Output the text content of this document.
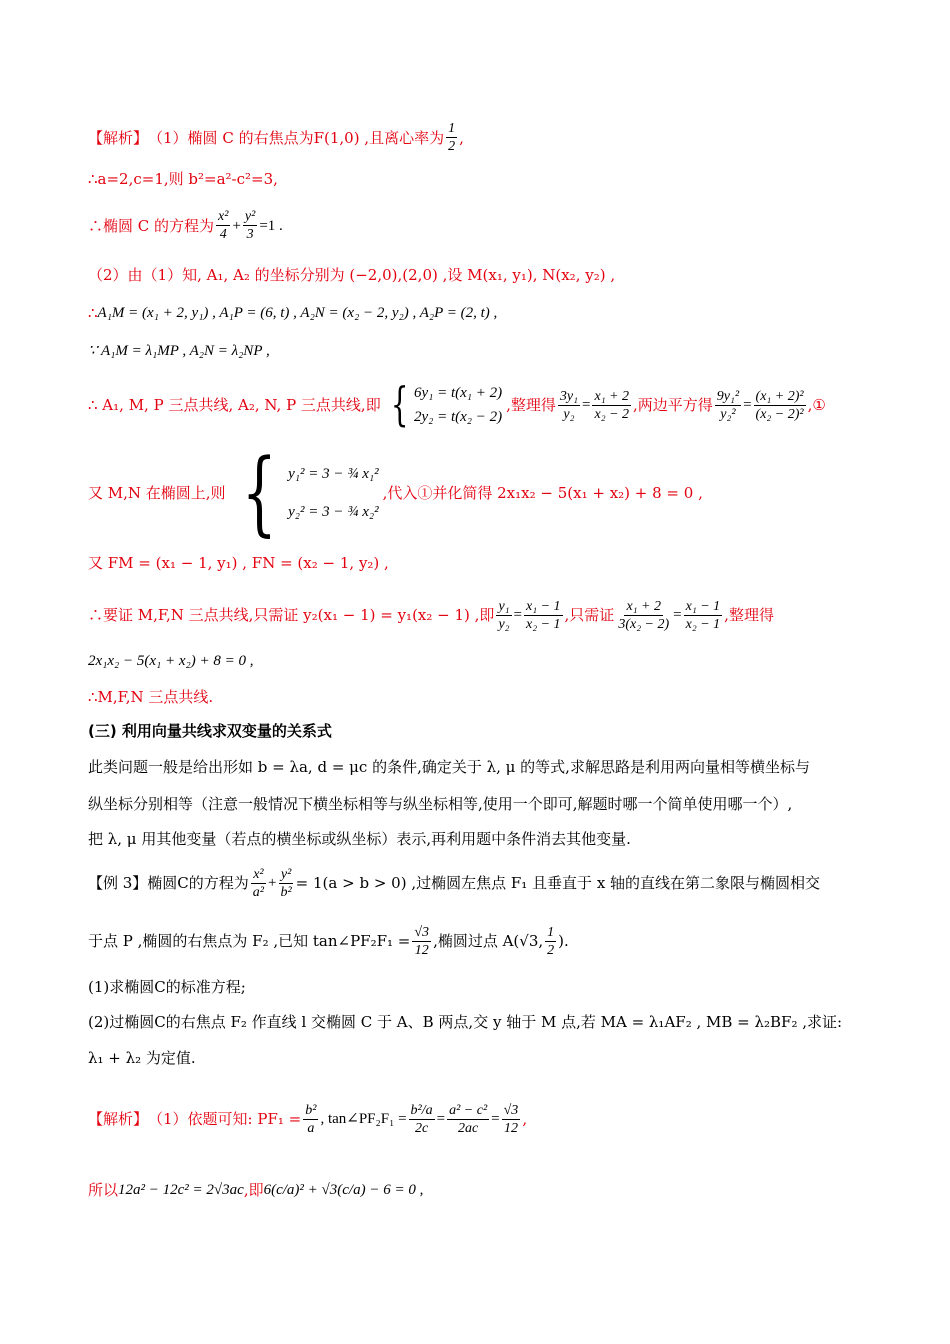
【解析】 （1）椭圆 C 的右焦点为F(1,0) ,且离心率为 $\frac{1}{2}$ ,
∴a=2,c=1,则 b²=a²-c²=3,
∴椭圆 C 的方程为 $\frac{\text{x²}}{4} + \frac{\text{y²}}{3} =1$ .
（2）由（1）知, A₁, A₂ 的坐标分别为 (−2,0),(2,0) ,设 M(x₁, y₁), N(x₂, y₂) ,
∴ A₁M = (x₁ + 2, y₁) , A₁P = (6, t) , A₂N = (x₂ − 2, y₂) , A₂P = (2, t) ,
∵ A₁M = λ₁MP , A₂N = λ₂NP ,
∴ A₁, M, P 三点共线, A₂, N, P 三点共线,即 { 6y₁ = t(x₁ + 2)
2y₂ = t(x₂ − 2)
,整理得 $\frac{\text{3y₁}}{\text{y₂}} = \frac{\text{x₁ + 2}}{\text{x₂ − 2}}$ ,两边平方得 $\frac{\text{9y₁²}}{\text{y₂²}} = \frac{\text{(x₁ + 2)²}}{\text{(x₂ − 2)²}}$ ,①
又 M,N 在椭圆上,则 { y₁² = 3 − ¾ x₁²
y₂² = 3 − ¾ x₂²
,代入①并化简得 2x₁x₂ − 5(x₁ + x₂) + 8 = 0 ,
又 FM = (x₁ − 1, y₁) , FN = (x₂ − 1, y₂) ,
∴要证 M,F,N 三点共线,只需证 y₂(x₁ − 1) = y₁(x₂ − 1) ,即 $\frac{\text{y₁}}{\text{y₂}} = \frac{\text{x₁ − 1}}{\text{x₂ − 1}}$ ,只需证 $\frac{\text{x₁ + 2}}{\text{3(x₂ − 2)}} = \frac{\text{x₁ − 1}}{\text{x₂ − 1}}$ ,整理得
2x₁x₂ − 5(x₁ + x₂) + 8 = 0 ,
∴M,F,N 三点共线.
(三) 利用向量共线求双变量的关系式
此类问题一般是给出形如 b = λa, d = μc 的条件,确定关于 λ, μ 的等式,求解思路是利用两向量相等横坐标与
纵坐标分别相等（注意一般情况下横坐标相等与纵坐标相等,使用一个即可,解题时哪一个简单使用哪一个）,
把 λ, μ 用其他变量（若点的横坐标或纵坐标）表示,再利用题中条件消去其他变量.
【例 3】椭圆C的方程为 $\frac{\text{x²}}{\text{a²}} + \frac{\text{y²}}{\text{b²}} = 1(a > b > 0)$ ,过椭圆左焦点 F₁ 且垂直于 x 轴的直线在第二象限与椭圆相交
于点 P ,椭圆的右焦点为 F₂ ,已知 tan∠PF₂F₁ = $\frac{√3}{12}$ ,椭圆过点 A(√3, $\frac{1}{2}$ ).
(1)求椭圆C的标准方程;
(2)过椭圆C的右焦点 F₂ 作直线 l 交椭圆 C 于 A、B 两点,交 y 轴于 M 点,若 MA = λ₁AF₂ , MB = λ₂BF₂ ,求证:
λ₁ + λ₂ 为定值.
【解析】 （1）依题可知: $PF_1 = \frac{\text{b²}}{a}$ , tan∠PF₂F₁ = $\frac{\text{b²/a}}{2c} = \frac{\text{a² − c²}}{2ac} = \frac{√3}{12}$ ,
所以 12a² − 12c² = 2√3ac ,即 6(c/a)² + √3(c/a) − 6 = 0 ,
